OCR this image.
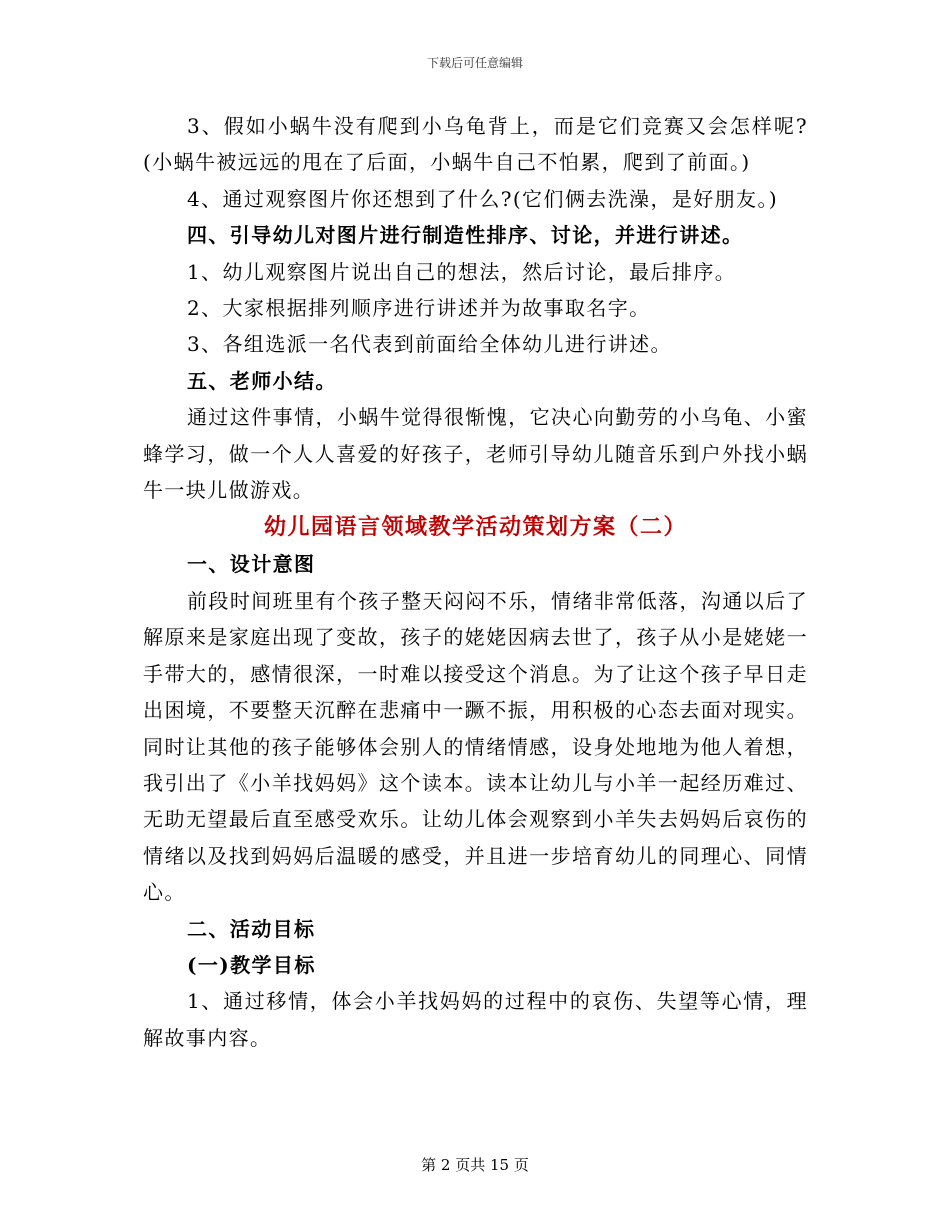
下载后可任意编辑

3、假如小蜗牛没有爬到小乌龟背上，而是它们竞赛又会怎样呢?(小蜗牛被远远的甩在了后面，小蜗牛自己不怕累，爬到了前面。)

4、通过观察图片你还想到了什么?(它们俩去洗澡，是好朋友。)

四、引导幼儿对图片进行制造性排序、讨论，并进行讲述。

1、幼儿观察图片说出自己的想法，然后讨论，最后排序。

2、大家根据排列顺序进行讲述并为故事取名字。

3、各组选派一名代表到前面给全体幼儿进行讲述。

五、老师小结。

通过这件事情，小蜗牛觉得很惭愧，它决心向勤劳的小乌龟、小蜜蜂学习，做一个人人喜爱的好孩子，老师引导幼儿随音乐到户外找小蜗牛一块儿做游戏。

幼儿园语言领域教学活动策划方案（二）

一、设计意图

前段时间班里有个孩子整天闷闷不乐，情绪非常低落，沟通以后了解原来是家庭出现了变故，孩子的姥姥因病去世了，孩子从小是姥姥一手带大的，感情很深，一时难以接受这个消息。为了让这个孩子早日走出困境，不要整天沉醉在悲痛中一蹶不振，用积极的心态去面对现实。同时让其他的孩子能够体会别人的情绪情感，设身处地地为他人着想，我引出了《小羊找妈妈》这个读本。读本让幼儿与小羊一起经历难过、无助无望最后直至感受欢乐。让幼儿体会观察到小羊失去妈妈后哀伤的情绪以及找到妈妈后温暖的感受，并且进一步培育幼儿的同理心、同情心。

二、活动目标

(一)教学目标

1、通过移情，体会小羊找妈妈的过程中的哀伤、失望等心情，理解故事内容。

第 2 页共 15 页
